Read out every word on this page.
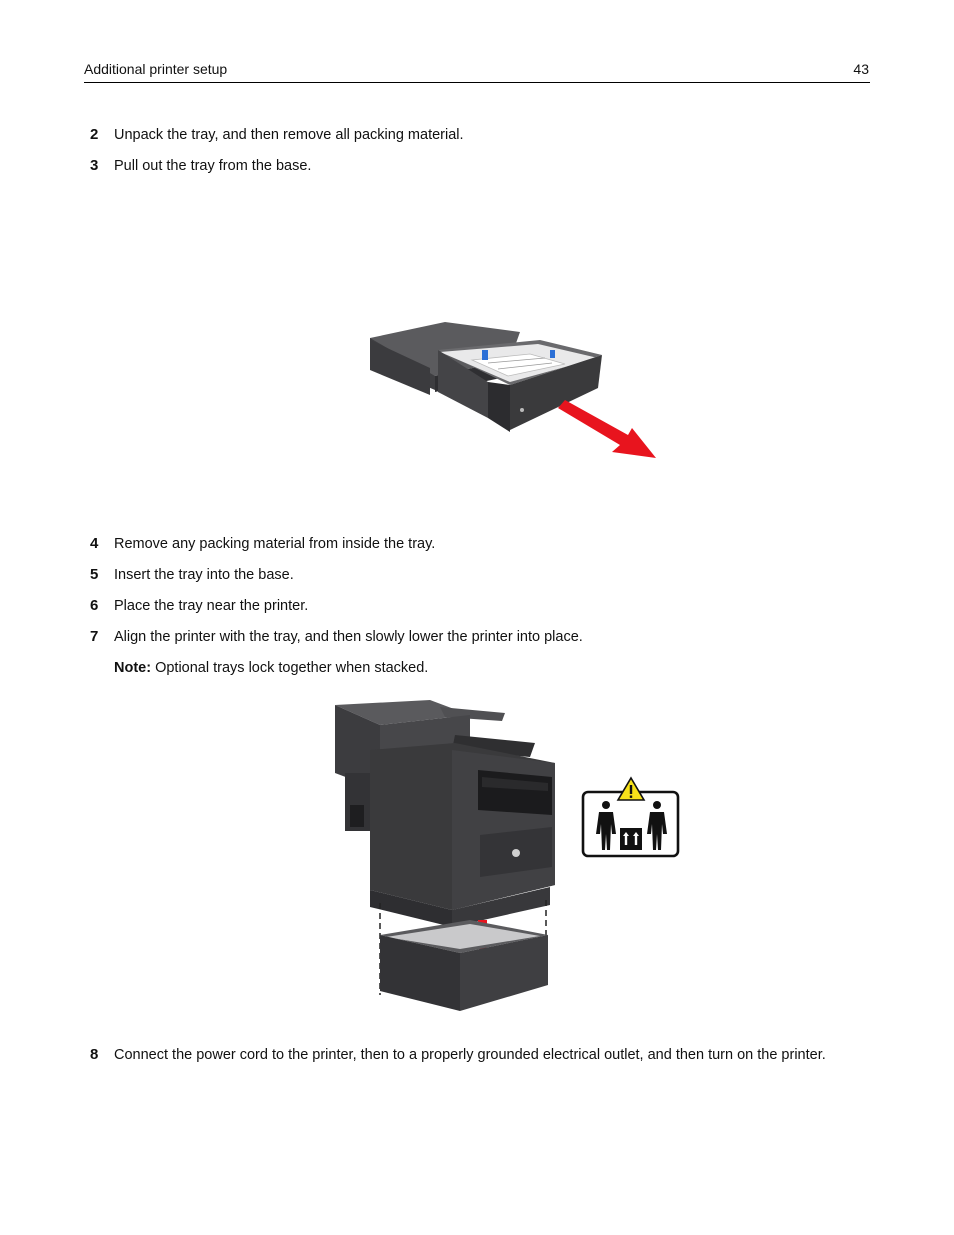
Additional printer setup	43
2	Unpack the tray, and then remove all packing material.
3	Pull out the tray from the base.
4	Remove any packing material from inside the tray.
5	Insert the tray into the base.
6	Place the tray near the printer.
7	Align the printer with the tray, and then slowly lower the printer into place.
Note: Optional trays lock together when stacked.
8	Connect the power cord to the printer, then to a properly grounded electrical outlet, and then turn on the printer.
